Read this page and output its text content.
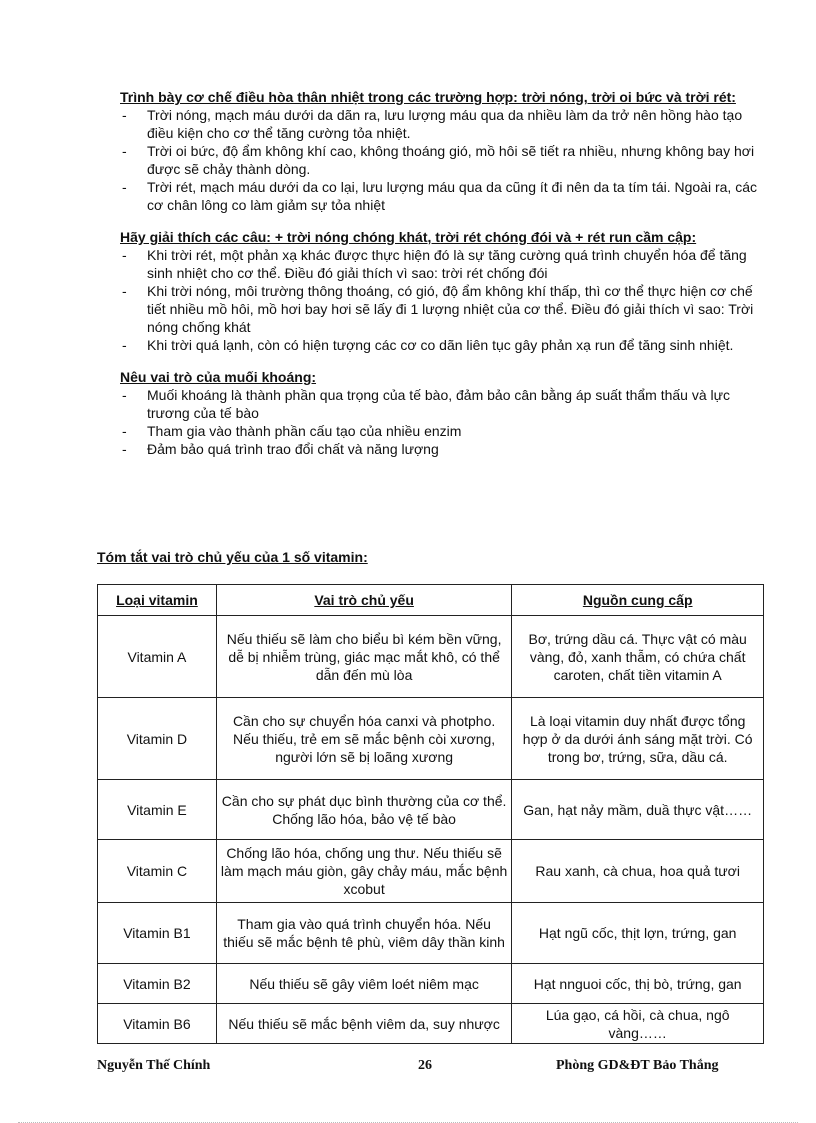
Trình bày cơ chế điều hòa thân nhiệt trong các trường hợp: trời nóng, trời oi bức và trời rét:
- Trời nóng, mạch máu dưới da dãn ra, lưu lượng máu qua da nhiều làm da trở nên hồng hào tạo điều kiện cho cơ thể tăng cường tỏa nhiệt.
- Trời oi bức, độ ẩm không khí cao, không thoáng gió, mồ hôi sẽ tiết ra nhiều, nhưng không bay hơi được sẽ chảy thành dòng.
- Trời rét, mạch máu dưới da co lại, lưu lượng máu qua da cũng ít đi nên da ta tím tái. Ngoài ra, các cơ chân lông co làm giảm sự tỏa nhiệt
Hãy giải thích các câu: + trời nóng chóng khát, trời rét chóng đói và + rét run cầm cập:
- Khi trời rét, một phản xạ khác được thực hiện đó là sự tăng cường quá trình chuyển hóa để tăng sinh nhiệt cho cơ thể. Điều đó giải thích vì sao: trời rét chống đói
- Khi trời nóng, môi trường thông thoáng, có gió, độ ẩm không khí thấp, thì cơ thể thực hiện cơ chế tiết nhiều mồ hôi, mồ hơi bay hơi sẽ lấy đi 1 lượng nhiệt của cơ thể. Điều đó giải thích vì sao: Trời nóng chống khát
- Khi trời quá lạnh, còn có hiện tượng các cơ co dãn liên tục gây phản xạ run để tăng sinh nhiệt.
Nêu vai trò của muối khoáng:
- Muối khoáng là thành phần qua trọng của tế bào, đảm bảo cân bằng áp suất thẩm thấu và lực trương của tế bào
- Tham gia vào thành phần cấu tạo của nhiều enzim
- Đảm bảo quá trình trao đổi chất và năng lượng
Tóm tắt vai trò chủ yếu của 1 số vitamin:
Loại vitamin	Vai trò chủ yếu	Nguồn cung cấp
Vitamin A	Nếu thiếu sẽ làm cho biểu bì kém bền vững, dễ bị nhiễm trùng, giác mạc mắt khô, có thể dẫn đến mù lòa	Bơ, trứng dầu cá. Thực vật có màu vàng, đỏ, xanh thẫm, có chứa chất caroten, chất tiền vitamin A
Vitamin D	Cần cho sự chuyển hóa canxi và photpho. Nếu thiếu, trẻ em sẽ mắc bệnh còi xương, người lớn sẽ bị loãng xương	Là loại vitamin duy nhất được tổng hợp ở da dưới ánh sáng mặt trời. Có trong bơ, trứng, sữa, dầu cá.
Vitamin E	Cần cho sự phát dục bình thường của cơ thể. Chống lão hóa, bảo vệ tế bào	Gan, hạt nảy mầm, duầ thực vật……
Vitamin C	Chống lão hóa, chống ung thư. Nếu thiếu sẽ làm mạch máu giòn, gây chảy máu, mắc bệnh xcobut	Rau xanh, cà chua, hoa quả tươi
Vitamin B1	Tham gia vào quá trình chuyển hóa. Nếu thiếu sẽ mắc bệnh tê phù, viêm dây thần kinh	Hạt ngũ cốc, thịt lợn, trứng, gan
Vitamin B2	Nếu thiếu sẽ gây viêm loét niêm mạc	Hạt nnguoi cốc, thị bò, trứng, gan
Vitamin B6	Nếu thiếu sẽ mắc bệnh viêm da, suy nhược	Lúa gạo, cá hồi, cà chua, ngô vàng……
Nguyễn Thế Chính	26	Phòng GD&ĐT Bảo Thắng
